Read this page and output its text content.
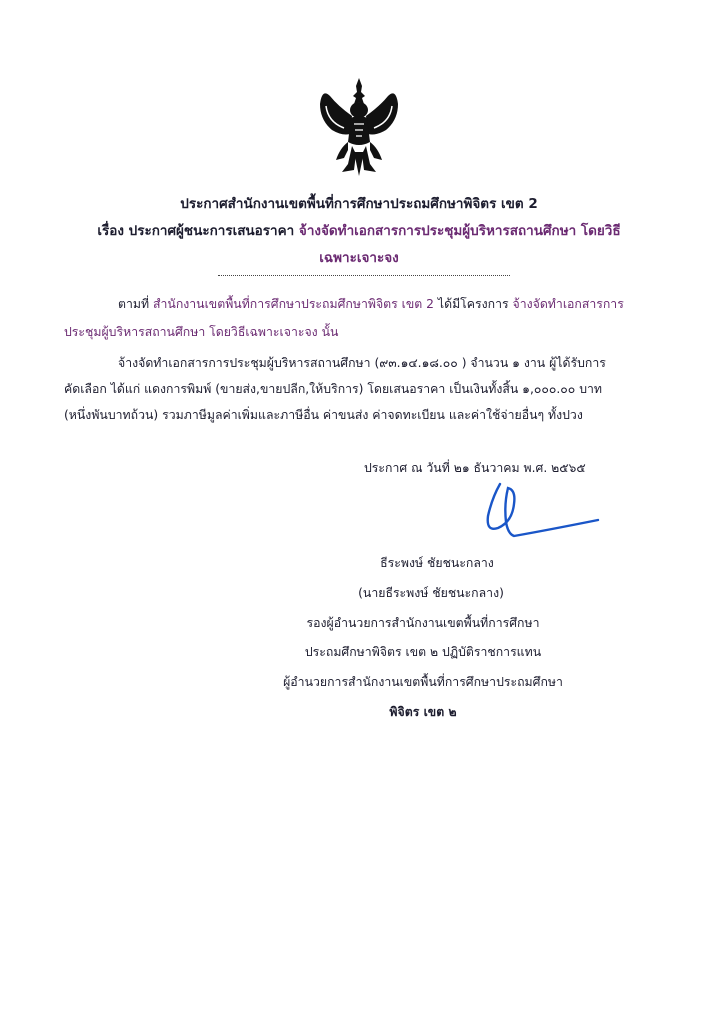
ประกาศสำนักงานเขตพื้นที่การศึกษาประถมศึกษาพิจิตร เขต 2
เรื่อง ประกาศผู้ชนะการเสนอราคา จ้างจัดทำเอกสารการประชุมผู้บริหารสถานศึกษา โดยวิธี
เฉพาะเจาะจง
ตามที่ สำนักงานเขตพื้นที่การศึกษาประถมศึกษาพิจิตร เขต 2 ได้มีโครงการ จ้างจัดทำเอกสารการ
ประชุมผู้บริหารสถานศึกษา โดยวิธีเฉพาะเจาะจง นั้น
จ้างจัดทำเอกสารการประชุมผู้บริหารสถานศึกษา (๙๓.๑๔.๑๘.๐๐ ) จำนวน ๑ งาน ผู้ได้รับการ
คัดเลือก ได้แก่ แดงการพิมพ์ (ขายส่ง,ขายปลีก,ให้บริการ) โดยเสนอราคา เป็นเงินทั้งสิ้น ๑,๐๐๐.๐๐ บาท
(หนึ่งพันบาทถ้วน) รวมภาษีมูลค่าเพิ่มและภาษีอื่น ค่าขนส่ง ค่าจดทะเบียน และค่าใช้จ่ายอื่นๆ ทั้งปวง
ประกาศ ณ วันที่ ๒๑ ธันวาคม พ.ศ. ๒๕๖๕
ธีระพงษ์ ชัยชนะกลาง
(นายธีระพงษ์ ชัยชนะกลาง)
รองผู้อำนวยการสำนักงานเขตพื้นที่การศึกษา
ประถมศึกษาพิจิตร เขต ๒ ปฏิบัติราชการแทน
ผู้อำนวยการสำนักงานเขตพื้นที่การศึกษาประถมศึกษา
พิจิตร เขต ๒
